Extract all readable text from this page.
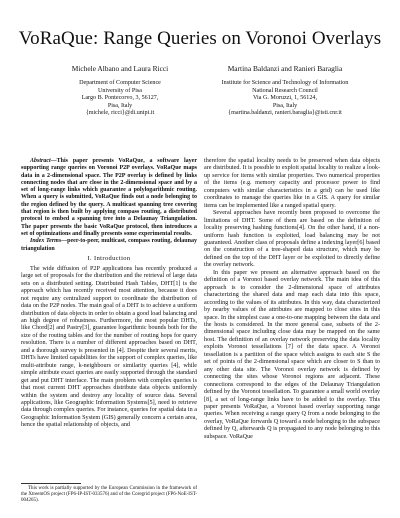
VoRaQue: Range Queries on Voronoi Overlays
Michele Albano and Laura Ricci
Department of Computer Science
University of Pisa
Largo B. Pontecorvo, 3, 56127,
Pisa, Italy
{michele, ricci}@di.unipi.it
Martina Baldanzi and Ranieri Baraglia
Institute for Science and Technology of Information
National Research Council
Via G. Moruzzi, 1, 56124,
Pisa, Italy
{martina.baldanzi, ranieri.baraglia}@isti.cnr.it

Abstract—This paper presents VoRaQue, a software layer supporting range queries on Voronoi P2P overlays. VoRaQue maps data in a 2-dimensional space. The P2P overlay is defined by links connecting nodes that are close in the 2-dimensional space and by a set of long-range links which guarantee a polylogarithmic routing. When a query is submitted, VoRaQue finds out a node belonging to the region defined by the query. A multicast spanning tree covering that region is then built by applying compass routing, a distributed protocol to embed a spanning tree into a Delaunay Triangulation. The paper presents the basic VoRaQue protocol, then introduces a set of optimizations and finally presents some experimental results.

Index Terms—peer-to-peer, multicast, compass routing, delaunay triangulation

I. Introduction

The wide diffusion of P2P applications has recently produced a large set of proposals for the distribution and the retrieval of large data sets on a distributed setting. Distributed Hash Tables, DHT[1] is the approach which has recently received most attention, because it does not require any centralized support to coordinate the distribution of data on the P2P nodes. The main goal of a DHT is to achieve a uniform distribution of data objects in order to obtain a good load balancing and an high degree of robustness. Furthermore, the most popular DHTs, like Chord[2] and Pastry[3], guarantee logarithmic bounds both for the size of the routing tables and for the number of routing hops for query resolution. There is a number of different approaches based on DHT, and a thorough survey is presented in [4]. Despite their several merits, DHTs have limited capabilities for the support of complex queries, like multi-attribute range, k-neighbours or similarity queries [4], while simple attribute exact queries are easily supported through the standard get and put DHT interface. The main problem with complex queries is that most current DHT approaches distribute data objects uniformly within the system and destroy any locality of source data. Several applications, like Geographic Information Systems[5], need to retrieve data through complex queries. For instance, queries for spatial data in a Geographic Information System (GIS) generally concern a certain area, hence the spatial relationship of objects, and

therefore the spatial locality needs to be preserved when data objects are distributed. It is possible to exploit spatial locality to realize a look-up service for items with similar properties. Two numerical properties of the items (e.g. memory capacity and processor power to find computers with similar characteristics in a grid) can be used like coordinates to manage the queries like in a GIS. A query for similar items can be implemented like a ranged spatial query.

Several approaches have recently been proposed to overcome the limitations of DHT. Some of them are based on the definition of locality preserving hashing functions[4]. On the other hand, if a non-uniform hash function is exploited, load balancing may be not guaranteed. Another class of proposals define a indexing layer[6] based on the construction of a tree-shaped data structure, which may be defined on the top of the DHT layer or be exploited to directly define the overlay network.

In this paper we present an alternative approach based on the definition of a Voronoi based overlay network. The main idea of this approach is to consider the 2-dimensional space of attributes characterizing the shared data and map each data into this space, according to the values of its attributes. In this way, data characterized by nearby values of the attributes are mapped to close sites in this space. In the simplest case a one-to-one mapping between the data and the hosts is considered. In the more general case, subsets of the 2-dimensional space including close data may be mapped on the same host. The definition of an overlay network preserving the data locality exploits Voronoi tessellations [7] of the data space. A Voronoi tessellation is a partition of the space which assigns to each site S the set of points of the 2-dimensional space which are closer to S than to any other data site. The Voronoi overlay network is defined by connecting the sites whose Voronoi regions are adjacent. These connections correspond to the edges of the Delaunay Triangulation defined by the Voronoi tessellation. To guarantee a small world overlay [8], a set of long-range links have to be added to the overlay. This paper presents VoRaQue, a Voronoi based overlay supporting range queries. When receiving a range query Q from a node belonging to the overlay, VoRaQue forwards Q toward a node belonging to the subspace defined by Q, afterwards Q is propagated to any node belonging to this subspace. VoRaQue

This work is partially supported by the European Commission in the framework of the XtreemOS project (FP6-IP-IST-033576) and of the Coregrid project (FP6-NoE-IST-004265).
